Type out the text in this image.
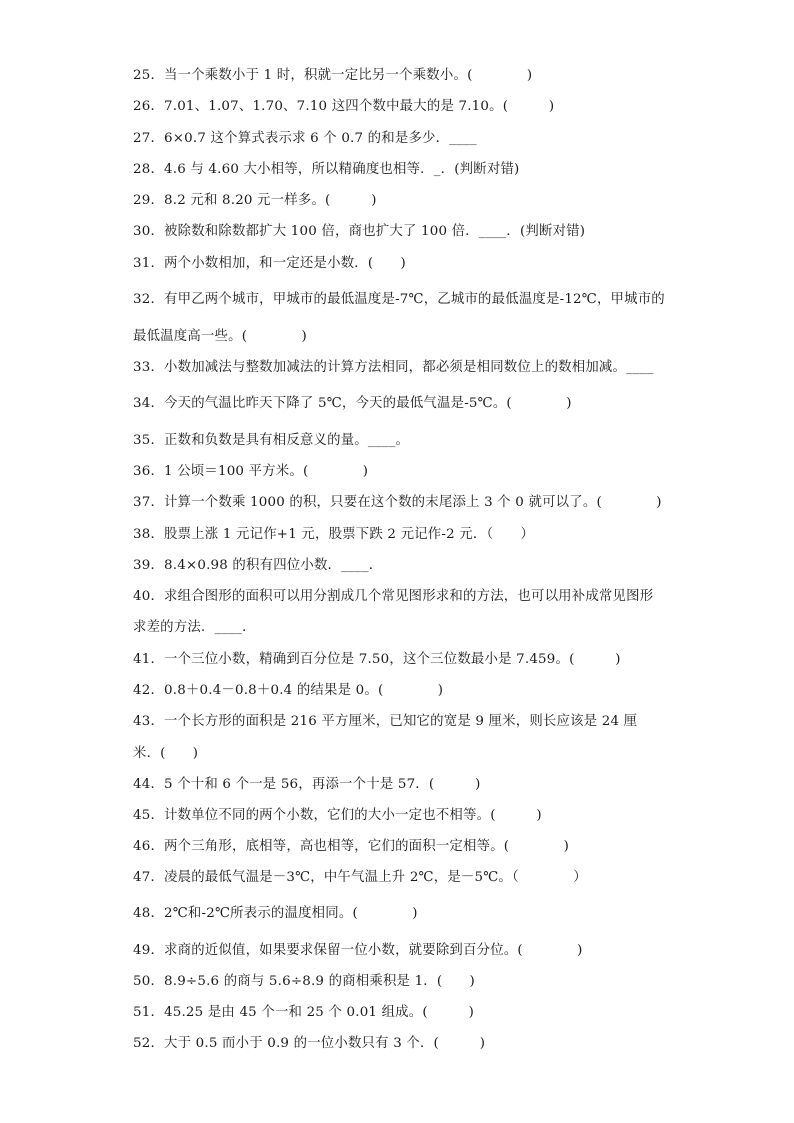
25．当一个乘数小于 1 时，积就一定比另一个乘数小。(　　　　)
26．7.01、1.07、1.70、7.10 这四个数中最大的是 7.10。(　　　)
27．6×0.7 这个算式表示求 6 个 0.7 的和是多少．____
28．4.6 与 4.60 大小相等，所以精确度也相等．_．(判断对错)
29．8.2 元和 8.20 元一样多。(　　　)
30．被除数和除数都扩大 100 倍，商也扩大了 100 倍．____．(判断对错)
31．两个小数相加，和一定还是小数．(　　)
32．有甲乙两个城市，甲城市的最低温度是-7℃，乙城市的最低温度是-12℃，甲城市的
最低温度高一些。(　　　　)
33．小数加减法与整数加减法的计算方法相同，都必须是相同数位上的数相加减。____
34．今天的气温比昨天下降了 5℃，今天的最低气温是-5℃。(　　　　)
35．正数和负数是具有相反意义的量。____。
36．1 公顷＝100 平方米。(　　　　)
37．计算一个数乘 1000 的积，只要在这个数的末尾添上 3 个 0 就可以了。(　　　　)
38．股票上涨 1 元记作+1 元，股票下跌 2 元记作-2 元．（　　）
39．8.4×0.98 的积有四位小数．____．
40．求组合图形的面积可以用分割成几个常见图形求和的方法，也可以用补成常见图形
求差的方法．____．
41．一个三位小数，精确到百分位是 7.50，这个三位数最小是 7.459。(　　　)
42．0.8＋0.4－0.8＋0.4 的结果是 0。(　　　　)
43．一个长方形的面积是 216 平方厘米，已知它的宽是 9 厘米，则长应该是 24 厘
米．(　　)
44．5 个十和 6 个一是 56，再添一个十是 57．(　　　)
45．计数单位不同的两个小数，它们的大小一定也不相等。(　　　)
46．两个三角形，底相等，高也相等，它们的面积一定相等。(　　　　)
47．凌晨的最低气温是－3℃，中午气温上升 2℃，是－5℃。（　　　　）
48．2℃和-2℃所表示的温度相同。(　　　　)
49．求商的近似值，如果要求保留一位小数，就要除到百分位。(　　　　)
50．8.9÷5.6 的商与 5.6÷8.9 的商相乘积是 1．(　　)
51．45.25 是由 45 个一和 25 个 0.01 组成。(　　　)
52．大于 0.5 而小于 0.9 的一位小数只有 3 个．(　　　)
